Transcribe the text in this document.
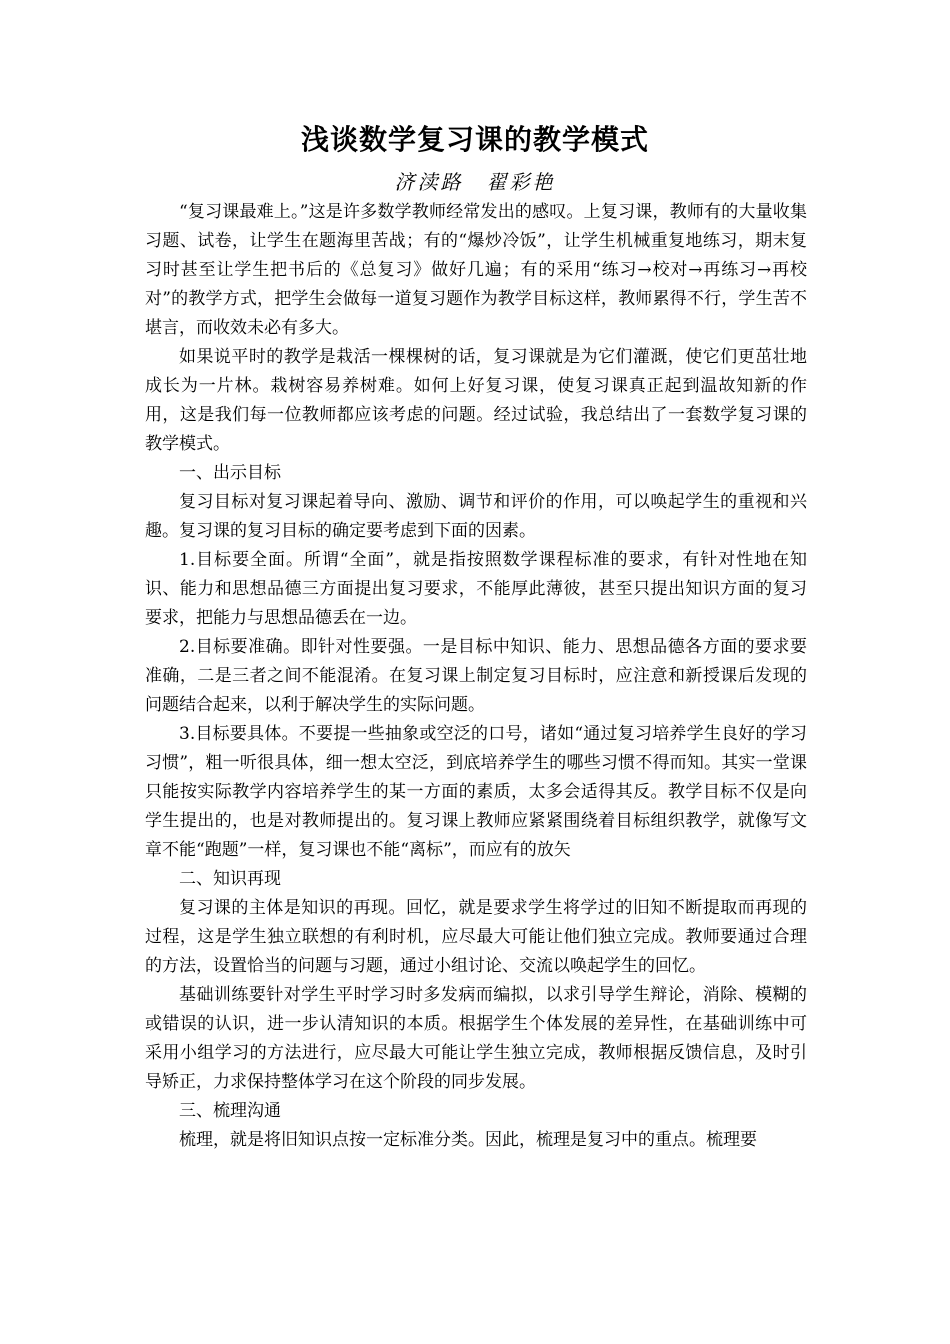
浅谈数学复习课的教学模式
济渎路　翟彩艳

“复习课最难上。”这是许多数学教师经常发出的感叹。上复习课，教师有的大量收集习题、试卷，让学生在题海里苦战；有的“爆炒冷饭”，让学生机械重复地练习，期末复习时甚至让学生把书后的《总复习》做好几遍；有的采用“练习→校对→再练习→再校对”的教学方式，把学生会做每一道复习题作为教学目标这样，教师累得不行，学生苦不堪言，而收效未必有多大。

如果说平时的教学是栽活一棵棵树的话，复习课就是为它们灌溉，使它们更茁壮地成长为一片林。栽树容易养树难。如何上好复习课，使复习课真正起到温故知新的作用，这是我们每一位教师都应该考虑的问题。经过试验，我总结出了一套数学复习课的教学模式。

一、出示目标

复习目标对复习课起着导向、激励、调节和评价的作用，可以唤起学生的重视和兴趣。复习课的复习目标的确定要考虑到下面的因素。

1.目标要全面。所谓“全面”，就是指按照数学课程标准的要求，有针对性地在知识、能力和思想品德三方面提出复习要求，不能厚此薄彼，甚至只提出知识方面的复习要求，把能力与思想品德丢在一边。

2.目标要准确。即针对性要强。一是目标中知识、能力、思想品德各方面的要求要准确，二是三者之间不能混淆。在复习课上制定复习目标时，应注意和新授课后发现的问题结合起来，以利于解决学生的实际问题。

3.目标要具体。不要提一些抽象或空泛的口号，诸如“通过复习培养学生良好的学习习惯”，粗一听很具体，细一想太空泛，到底培养学生的哪些习惯不得而知。其实一堂课只能按实际教学内容培养学生的某一方面的素质，太多会适得其反。教学目标不仅是向学生提出的，也是对教师提出的。复习课上教师应紧紧围绕着目标组织教学，就像写文章不能“跑题”一样，复习课也不能“离标”，而应有的放矢

二、知识再现

复习课的主体是知识的再现。回忆，就是要求学生将学过的旧知不断提取而再现的过程，这是学生独立联想的有利时机，应尽最大可能让他们独立完成。教师要通过合理的方法，设置恰当的问题与习题，通过小组讨论、交流以唤起学生的回忆。

基础训练要针对学生平时学习时多发病而编拟，以求引导学生辩论，消除、模糊的或错误的认识，进一步认清知识的本质。根据学生个体发展的差异性，在基础训练中可采用小组学习的方法进行，应尽最大可能让学生独立完成，教师根据反馈信息，及时引导矫正，力求保持整体学习在这个阶段的同步发展。

三、梳理沟通

梳理，就是将旧知识点按一定标准分类。因此，梳理是复习中的重点。梳理要
